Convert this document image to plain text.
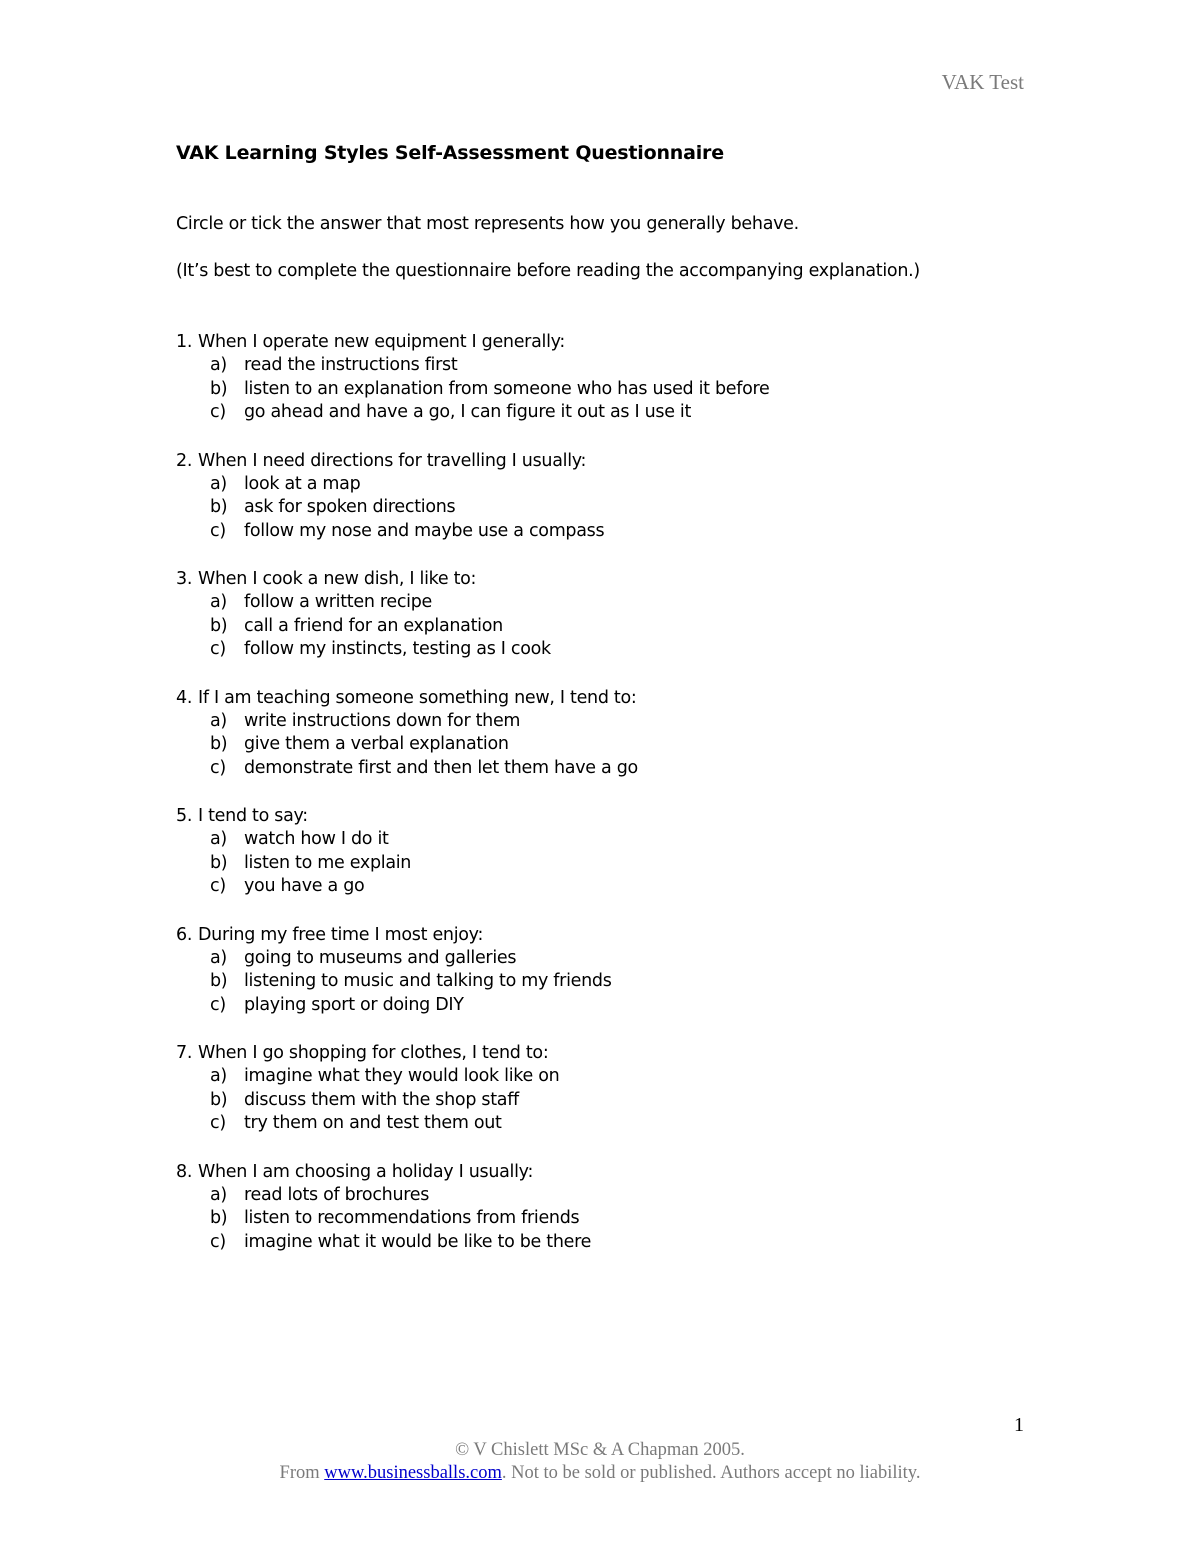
VAK Test
VAK Learning Styles Self-Assessment Questionnaire

Circle or tick the answer that most represents how you generally behave.

(It’s best to complete the questionnaire before reading the accompanying explanation.)

1. When I operate new equipment I generally:
a) read the instructions first
b) listen to an explanation from someone who has used it before
c)	go ahead and have a go, I can figure it out as I use it
2. When I need directions for travelling I usually:
a) look at a map
b) ask for spoken directions
c)	follow my nose and maybe use a compass
3. When I cook a new dish, I like to:
a) follow a written recipe
b) call a friend for an explanation
c)	follow my instincts, testing as I cook
4. If I am teaching someone something new, I tend to:
a) write instructions down for them
b) give them a verbal explanation
c)	demonstrate first and then let them have a go
5. I tend to say:
a) watch how I do it
b) listen to me explain
c)	you have a go
6. During my free time I most enjoy:
a) going to museums and galleries
b) listening to music and talking to my friends
c)	playing sport or doing DIY
7. When I go shopping for clothes, I tend to:
a) imagine what they would look like on
b) discuss them with the shop staff
c)	try them on and test them out
8. When I am choosing a holiday I usually:
a) read lots of brochures
b) listen to recommendations from friends
c)	imagine what it would be like to be there
1

© V Chislett MSc & A Chapman 2005.

From www.businessballs.com. Not to be sold or published. Authors accept no liability.
